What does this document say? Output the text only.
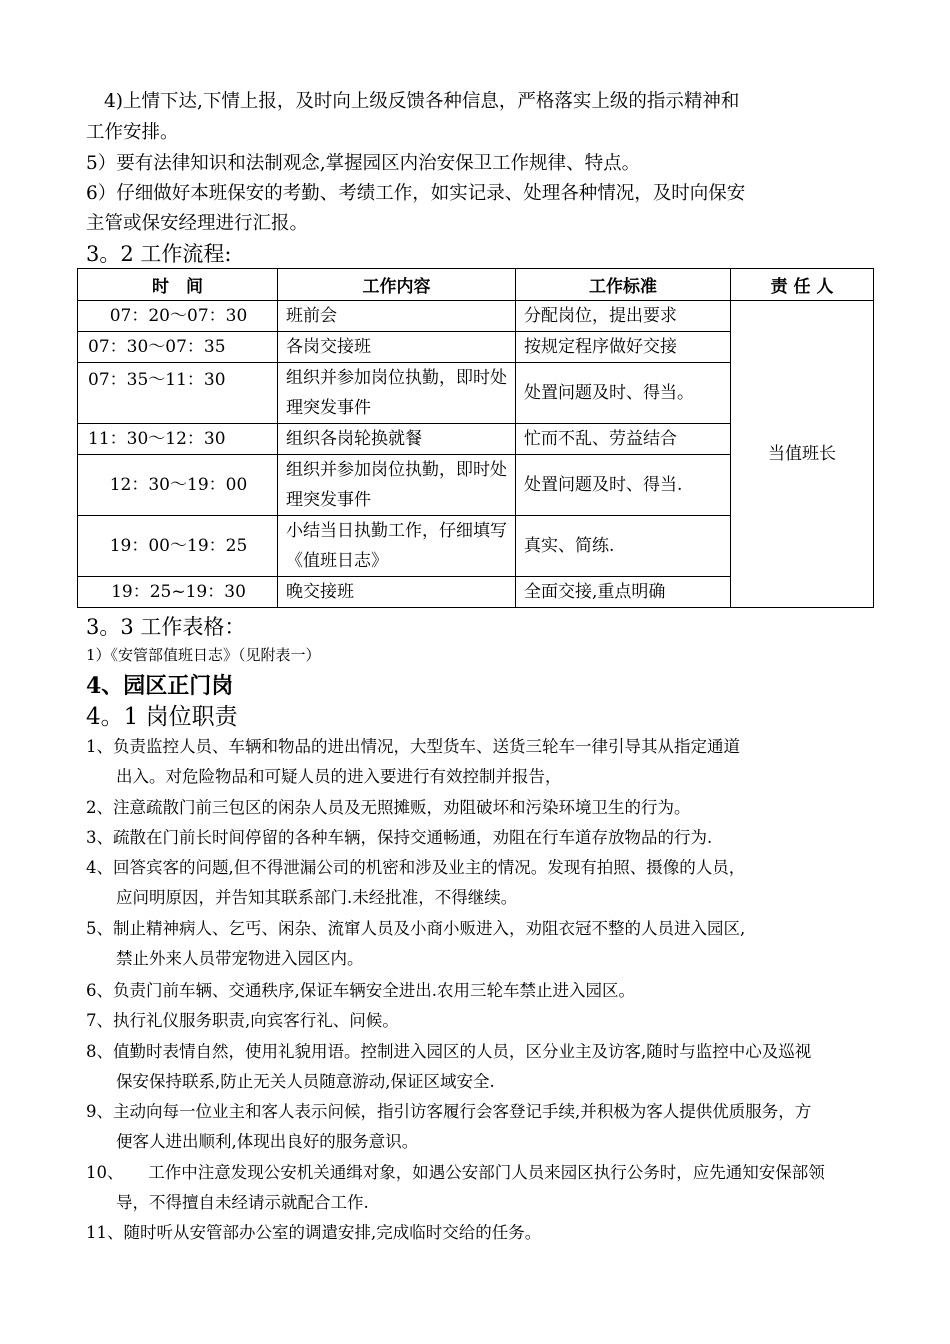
4)上情下达,下情上报，及时向上级反馈各种信息，严格落实上级的指示精神和
工作安排。
5）要有法律知识和法制观念,掌握园区内治安保卫工作规律、特点。
6）仔细做好本班保安的考勤、考绩工作，如实记录、处理各种情况，及时向保安
主管或保安经理进行汇报。
3。2 工作流程:
时　间	工作内容	工作标准	责 任 人
07：20～07：30	班前会	分配岗位，提出要求	当值班长
07：30～07：35	各岗交接班	按规定程序做好交接	
07：35～11：30	组织并参加岗位执勤，即时处理突发事件	处置问题及时、得当。	
11：30～12：30	组织各岗轮换就餐	忙而不乱、劳益结合	
12：30～19：00	组织并参加岗位执勤，即时处理突发事件	处置问题及时、得当.	
19：00～19：25	小结当日执勤工作，仔细填写《值班日志》	真实、简练.	
19：25~19：30	晚交接班	全面交接,重点明确	
3。3 工作表格：
1）《安管部值班日志》（见附表一）
4、园区正门岗
4。1 岗位职责
1、负责监控人员、车辆和物品的进出情况，大型货车、送货三轮车一律引导其从指定通道
出入。对危险物品和可疑人员的进入要进行有效控制并报告，
2、注意疏散门前三包区的闲杂人员及无照摊贩，劝阻破坏和污染环境卫生的行为。
3、疏散在门前长时间停留的各种车辆，保持交通畅通，劝阻在行车道存放物品的行为.
4、回答宾客的问题,但不得泄漏公司的机密和涉及业主的情况。发现有拍照、摄像的人员，
应问明原因，并告知其联系部门.未经批准，不得继续。
5、制止精神病人、乞丐、闲杂、流窜人员及小商小贩进入，劝阻衣冠不整的人员进入园区,
禁止外来人员带宠物进入园区内。
6、负责门前车辆、交通秩序,保证车辆安全进出.农用三轮车禁止进入园区。
7、执行礼仪服务职责,向宾客行礼、问候。
8、值勤时表情自然，使用礼貌用语。控制进入园区的人员，区分业主及访客,随时与监控中心及巡视
保安保持联系,防止无关人员随意游动,保证区域安全.
9、主动向每一位业主和客人表示问候，指引访客履行会客登记手续,并积极为客人提供优质服务，方
便客人进出顺利,体现出良好的服务意识。
10、　　工作中注意发现公安机关通缉对象，如遇公安部门人员来园区执行公务时，应先通知安保部领
导，不得擅自未经请示就配合工作.
11、随时听从安管部办公室的调遣安排,完成临时交给的任务。
